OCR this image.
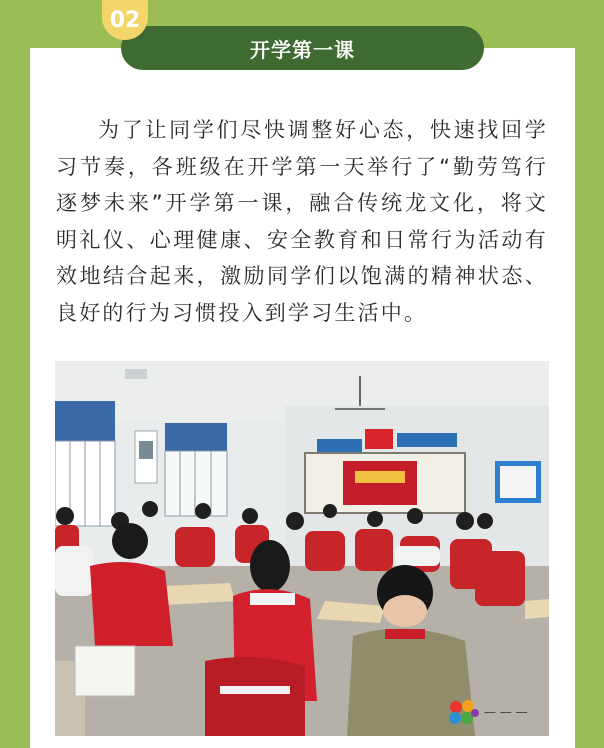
02
开学第一课

为了让同学们尽快调整好心态，快速找回学习节奏，各班级在开学第一天举行了“勤劳笃行 逐梦未来”开学第一课，融合传统龙文化，将文明礼仪、心理健康、安全教育和日常行为活动有效地结合起来，激励同学们以饱满的精神状态、良好的行为习惯投入到学习生活中。

— — —
